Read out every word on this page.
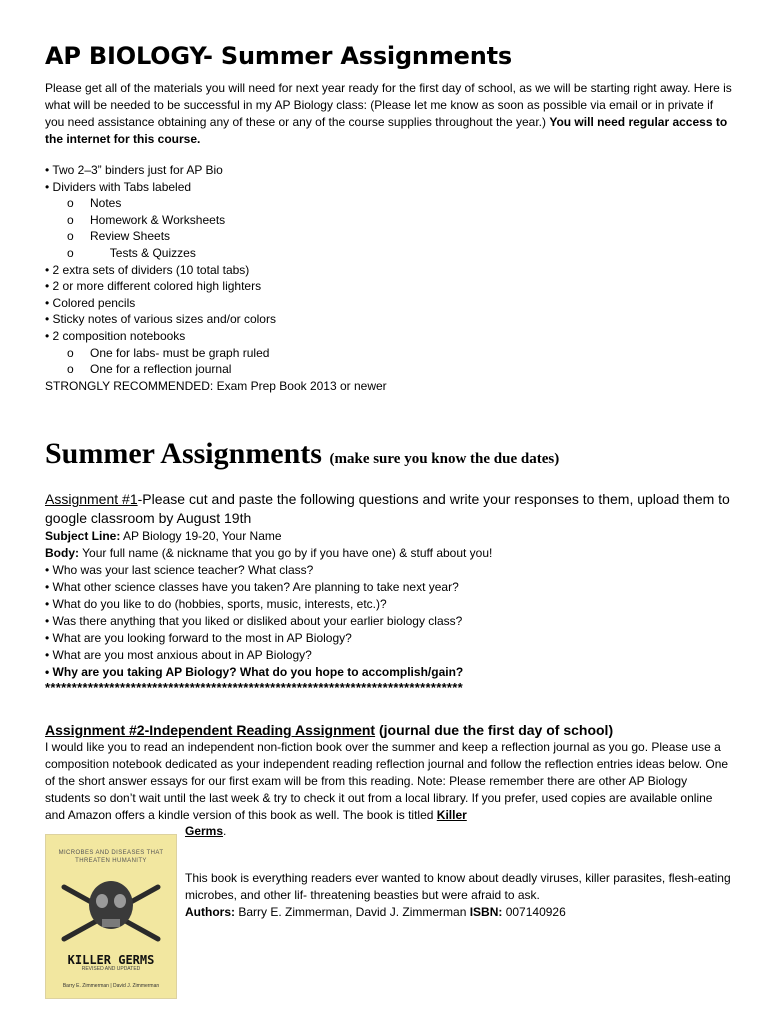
AP BIOLOGY- Summer Assignments

Please get all of the materials you will need for next year ready for the first day of school, as we will be starting right away. Here is what will be needed to be successful in my AP Biology class: (Please let me know as soon as possible via email or in private if you need assistance obtaining any of these or any of the course supplies throughout the year.) You will need regular access to the internet for this course.

• Two 2–3” binders just for AP Bio
• Dividers with Tabs labeled
o Notes
o Homework & Worksheets
o Review Sheets
o      Tests & Quizzes
• 2 extra sets of dividers (10 total tabs)
• 2 or more different colored high lighters
• Colored pencils
• Sticky notes of various sizes and/or colors
• 2 composition notebooks
o One for labs- must be graph ruled
o One for a reflection journal
STRONGLY RECOMMENDED: Exam Prep Book 2013 or newer
Summer Assignments (make sure you know the due dates)
Assignment #1-Please cut and paste the following questions and write your responses to them, upload them to google classroom by August 19th

Subject Line: AP Biology 19-20, Your Name

Body: Your full name (& nickname that you go by if you have one) & stuff about you!

• Who was your last science teacher? What class?

• What other science classes have you taken? Are planning to take next year?

• What do you like to do (hobbies, sports, music, interests, etc.)?

• Was there anything that you liked or disliked about your earlier biology class?

• What are you looking forward to the most in AP Biology?

• What are you most anxious about in AP Biology?

• Why are you taking AP Biology? What do you hope to accomplish/gain?

******************************************************************************
Assignment #2-Independent Reading Assignment (journal due the first day of school)

I would like you to read an independent non-fiction book over the summer and keep a reflection journal as you go. Please use a composition notebook dedicated as your independent reading reflection journal and follow the reflection entries ideas below. One of the short answer essays for our first exam will be from this reading. Note: Please remember there are other AP Biology students so don’t wait until the last week & try to check it out from a local library. If you prefer, used copies are available online and Amazon offers a kindle version of this book as well. The book is titled Killer

Germs.
MICROBES AND DISEASES THAT THREATEN HUMANITY
KILLER GERMS
REVISED AND UPDATED
Barry E. Zimmerman | David J. Zimmerman

This book is everything readers ever wanted to know about deadly viruses, killer parasites, flesh-eating microbes, and other lif- threatening beasties but were afraid to ask.

Authors: Barry E. Zimmerman, David J. Zimmerman ISBN: 007140926
